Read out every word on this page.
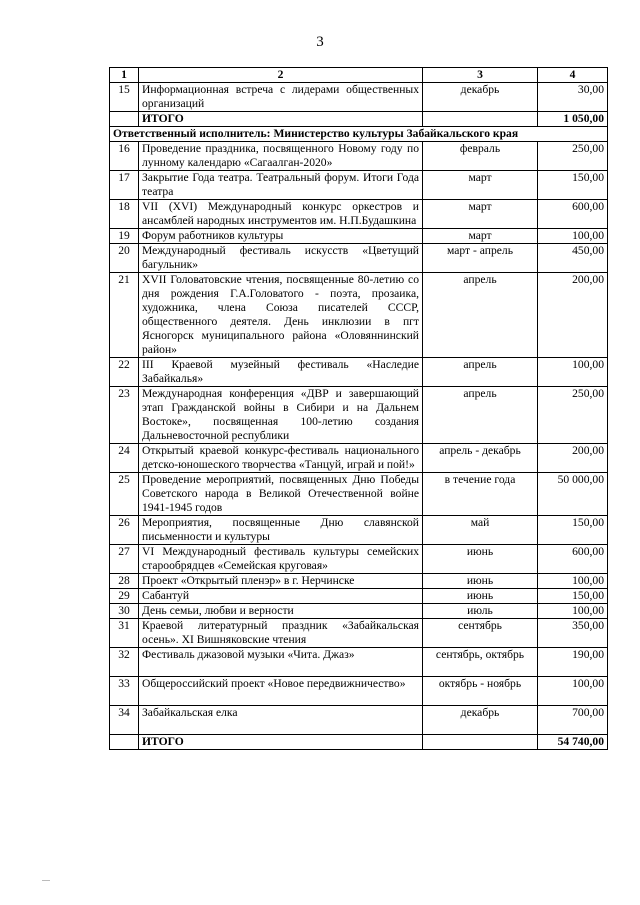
3
1	2	3	4
15	Информационная встреча с лидерами общественных организаций	декабрь	30,00
	ИТОГО		1 050,00
Ответственный исполнитель: Министерство культуры Забайкальского края			
16	Проведение праздника, посвященного Новому году по лунному календарю «Сагаалган-2020»	февраль	250,00
17	Закрытие Года театра. Театральный форум. Итоги Года театра	март	150,00
18	VII (XVI) Международный конкурс оркестров и ансамблей народных инструментов им. Н.П.Будашкина	март	600,00
19	Форум работников культуры	март	100,00
20	Международный фестиваль искусств «Цветущий багульник»	март - апрель	450,00
21	XVII Головатовские чтения, посвященные 80-летию со дня рождения Г.А.Головатого - поэта, прозаика, художника, члена Союза писателей СССР, общественного деятеля. День инклюзии в пгт Ясногорск муниципального района «Оловяннинский район»	апрель	200,00
22	III Краевой музейный фестиваль «Наследие Забайкалья»	апрель	100,00
23	Международная конференция «ДВР и завершающий этап Гражданской войны в Сибири и на Дальнем Востоке», посвященная 100-летию создания Дальневосточной республики	апрель	250,00
24	Открытый краевой конкурс-фестиваль национального детско-юношеского творчества «Танцуй, играй и пой!»	апрель - декабрь	200,00
25	Проведение мероприятий, посвященных Дню Победы Советского народа в Великой Отечественной войне 1941-1945 годов	в течение года	50 000,00
26	Мероприятия, посвященные Дню славянской письменности и культуры	май	150,00
27	VI Международный фестиваль культуры семейских старообрядцев «Семейская круговая»	июнь	600,00
28	Проект «Открытый пленэр» в г. Нерчинске	июнь	100,00
29	Сабантуй	июнь	150,00
30	День семьи, любви и верности	июль	100,00
31	Краевой литературный праздник «Забайкальская осень». XI Вишняковские чтения	сентябрь	350,00
32	Фестиваль джазовой музыки «Чита. Джаз»	сентябрь, октябрь	190,00
33	Общероссийский проект «Новое передвижничество»	октябрь - ноябрь	100,00
34	Забайкальская елка	декабрь	700,00

	ИТОГО		54 740,00
